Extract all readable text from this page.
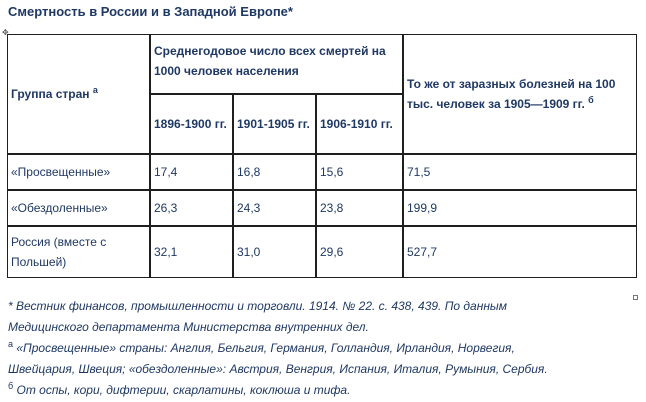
Смертность в России и в Западной Европе*
✥
Группа стран $^а$	Среднегодовое число всех смертей на 1000 человек населения			То же от заразных болезней на 100 тыс. человек за 1905—1909 гг. $^б$
	1896-1900 гг.	1901-1905 гг.	1906-1910 гг.	
«Просвещенные»	17,4	16,8	15,6	71,5
«Обездоленные»	26,3	24,3	23,8	199,9
Россия (вместе с Польшей)	32,1	31,0	29,6	527,7
* Вестник финансов, промышленности и торговли. 1914. № 22. с. 438, 439. По данным
Медицинского департамента Министерства внутренних дел.
$^а$ «Просвещенные» страны: Англия, Бельгия, Германия, Голландия, Ирландия, Норвегия,
Швейцария, Швеция; «обездоленные»: Австрия, Венгрия, Испания, Италия, Румыния, Сербия.
$^б$ От оспы, кори, дифтерии, скарлатины, коклюша и тифа.
